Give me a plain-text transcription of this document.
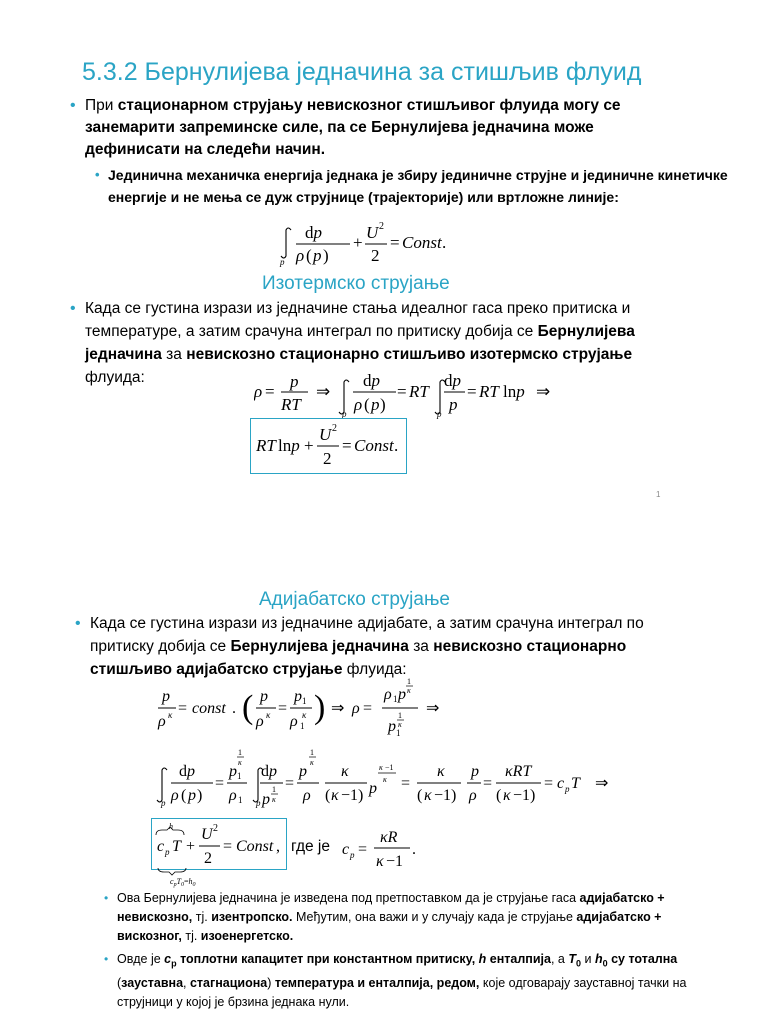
5.3.2 Бернулијева једначина за стишљив флуид
• При стационарном струјању невискозног стишљивог флуида могу се занемарити запреминске силе, па се Бернулијева једначина може дефинисати на следећи начин.
• Јединична механичка енергија једнака је збиру јединичне струјне и јединичне кинетичке енергије и не мења се дуж струјнице (трајекторије) или вртложне линије:
p
dp
ρ ( p )
+
U 2
2
= Const .
Изотермско струјање
• Када се густина изрази из једначине стања идеалног гаса преко притиска и температуре, а затим срачуна интеграл по притиску добија се Бернулијева једначина за невискозно стационарно стишљиво изотермско струјање флуида:
ρ =
p
RT
⇒
p
dp
ρ ( p )
= RT
p
dp
p
= RT lnp ⇒
RT lnp +
U 2
2
= Const .
1
Адијабатско струјање
• Када се густина изрази из једначине адијабате, а затим срачуна интеграл по притиску добија се Бернулијева једначина за невискозно стационарно стишљиво адијабатско струјање флуида:
p
ρ κ = const . ( p
ρ κ =
p 1
ρ 1
κ ) ⇒ ρ =
ρ 1 p
1
κ
p 1
1
κ
⇒
p
dp
ρ ( p )
=
p 1
1
κ
ρ 1 p
dp
p
1
κ
=
p
1
κ
ρ
κ
( κ −1) p
κ −1
κ =
κ
( κ −1)
p
ρ
=
κRT
( κ −1)
= c p T ⇒
h
c p T +
U 2
2
= Const ,
$c_pT_0=h_0$
где је c p =
κR
κ −1
.
• Ова Бернулијева једначина је изведена под претпоставком да је струјање гаса адијабатско + невискозно, тј. изентропско. Међутим, она важи и у случају када је струјање адијабатско + вискозног, тј. изоенергетско.
• Овде је $c_p$ топлотни капацитет при константном притиску, h енталпија, а $T_0$ и $h_0$ су тотална (зауставна, стагнациона) температура и енталпија, редом, које одговарају зауставној тачки на струјници у којој је брзина једнака нули.
